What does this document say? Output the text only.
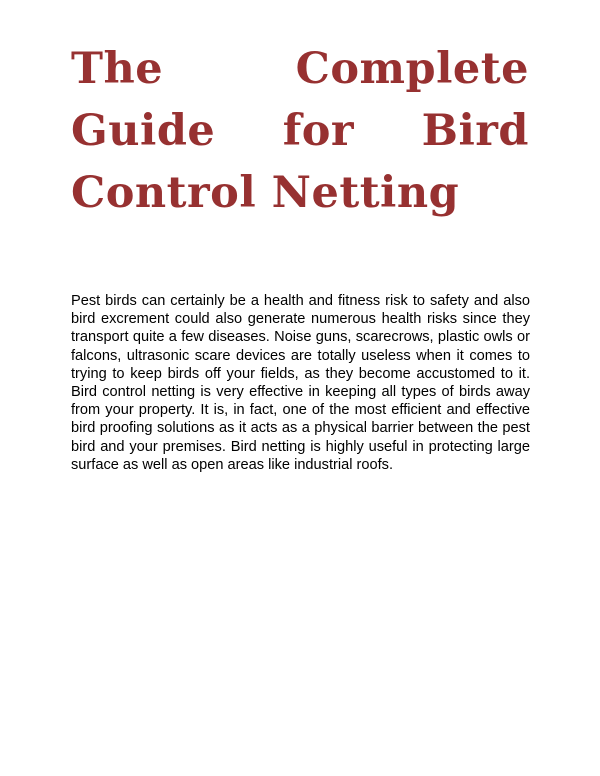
The Complete Guide for Bird Control Netting

Pest birds can certainly be a health and fitness risk to safety and also bird excrement could also generate numerous health risks since they transport quite a few diseases. Noise guns, scarecrows, plastic owls or falcons, ultrasonic scare devices are totally useless when it comes to trying to keep birds off your fields, as they become accustomed to it. Bird control netting is very effective in keeping all types of birds away from your property. It is, in fact, one of the most efficient and effective bird proofing solutions as it acts as a physical barrier between the pest bird and your premises. Bird netting is highly useful in protecting large surface as well as open areas like industrial roofs.
